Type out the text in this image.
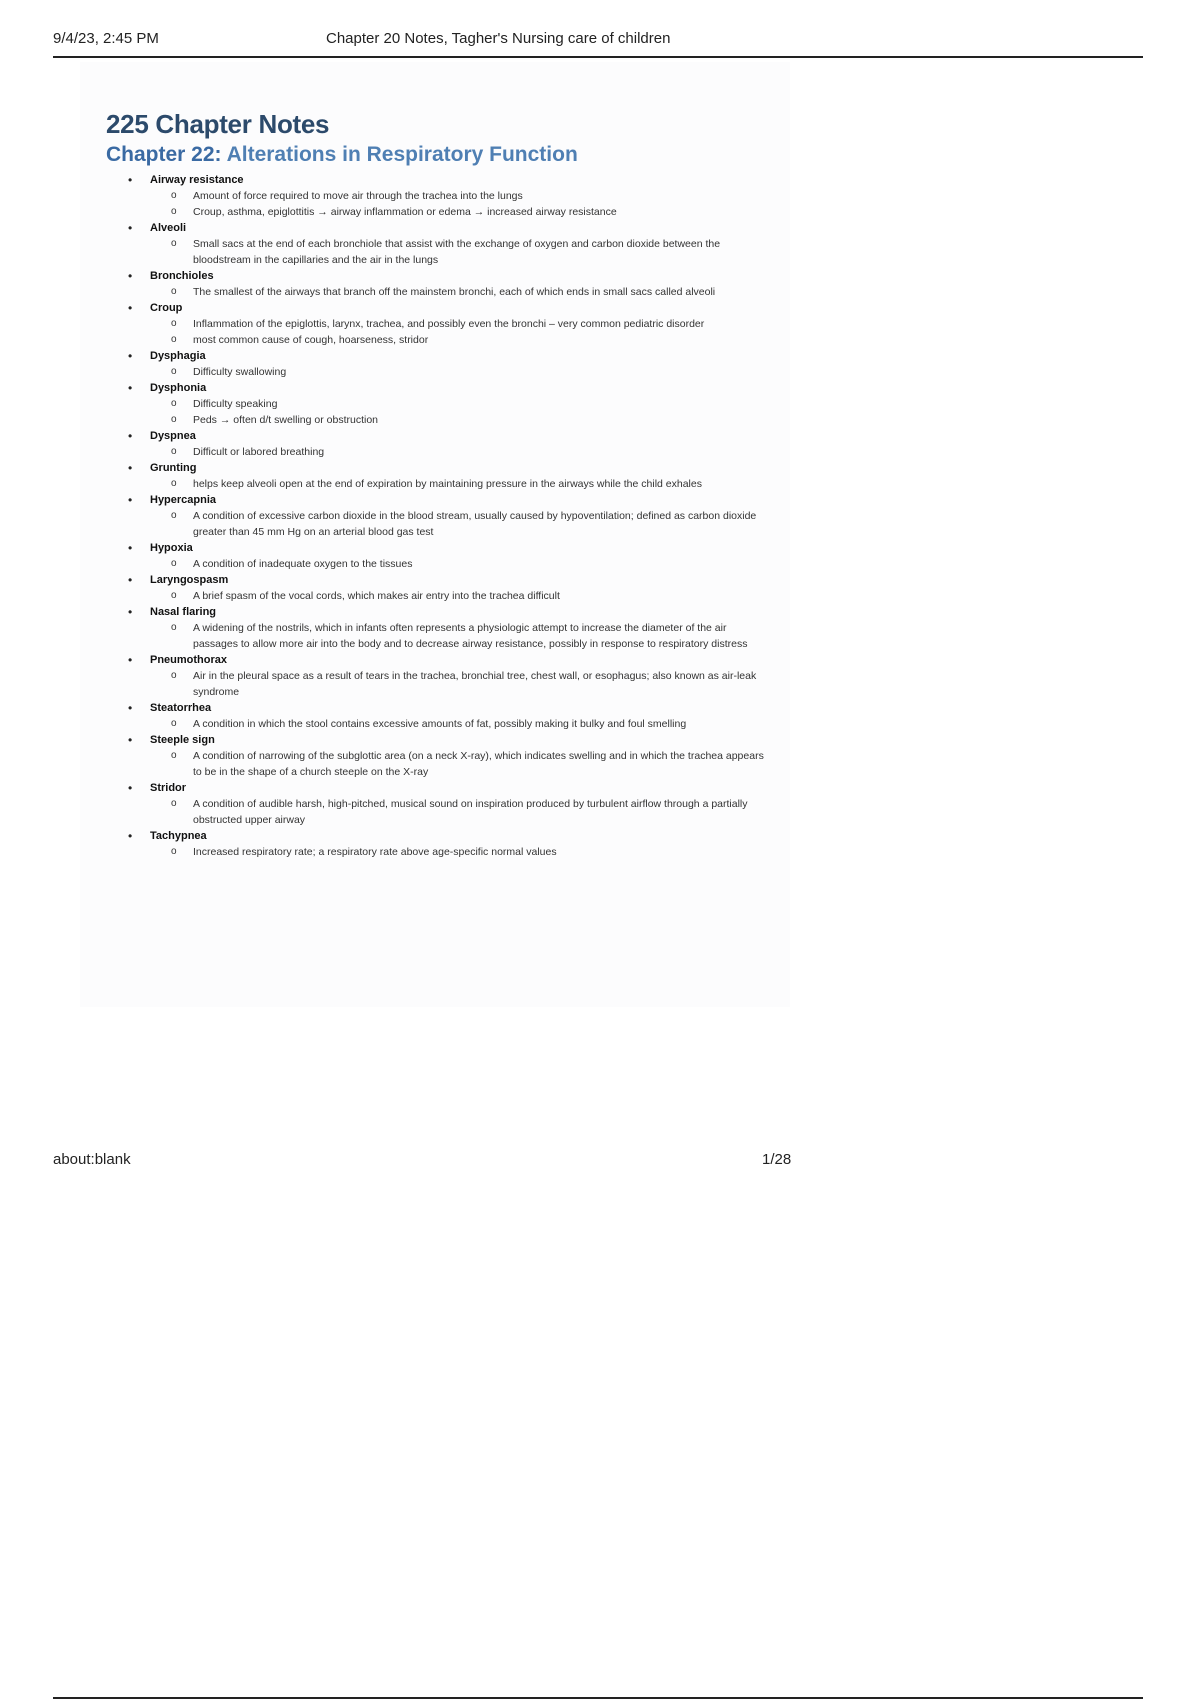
9/4/23, 2:45 PM	Chapter 20 Notes, Tagher's Nursing care of children
225 Chapter Notes
Chapter 22: Alterations in Respiratory Function
• Airway resistance
o Amount of force required to move air through the trachea into the lungs
o Croup, asthma, epiglottitis → airway inflammation or edema → increased airway resistance
• Alveoli
o Small sacs at the end of each bronchiole that assist with the exchange of oxygen and carbon dioxide between the bloodstream in the capillaries and the air in the lungs
• Bronchioles
o The smallest of the airways that branch off the mainstem bronchi, each of which ends in small sacs called alveoli
• Croup
o Inflammation of the epiglottis, larynx, trachea, and possibly even the bronchi – very common pediatric disorder
o most common cause of cough, hoarseness, stridor
• Dysphagia
o Difficulty swallowing
• Dysphonia
o Difficulty speaking
o Peds → often d/t swelling or obstruction
• Dyspnea
o Difficult or labored breathing
• Grunting
o helps keep alveoli open at the end of expiration by maintaining pressure in the airways while the child exhales
• Hypercapnia
o A condition of excessive carbon dioxide in the blood stream, usually caused by hypoventilation; defined as carbon dioxide greater than 45 mm Hg on an arterial blood gas test
• Hypoxia
o A condition of inadequate oxygen to the tissues
• Laryngospasm
o A brief spasm of the vocal cords, which makes air entry into the trachea difficult
• Nasal flaring
o A widening of the nostrils, which in infants often represents a physiologic attempt to increase the diameter of the air passages to allow more air into the body and to decrease airway resistance, possibly in response to respiratory distress
• Pneumothorax
o Air in the pleural space as a result of tears in the trachea, bronchial tree, chest wall, or esophagus; also known as air-leak syndrome
• Steatorrhea
o A condition in which the stool contains excessive amounts of fat, possibly making it bulky and foul smelling
• Steeple sign
o A condition of narrowing of the subglottic area (on a neck X-ray), which indicates swelling and in which the trachea appears to be in the shape of a church steeple on the X-ray
• Stridor
o A condition of audible harsh, high-pitched, musical sound on inspiration produced by turbulent airflow through a partially obstructed upper airway
• Tachypnea
o Increased respiratory rate; a respiratory rate above age-specific normal values
about:blank	1/28
